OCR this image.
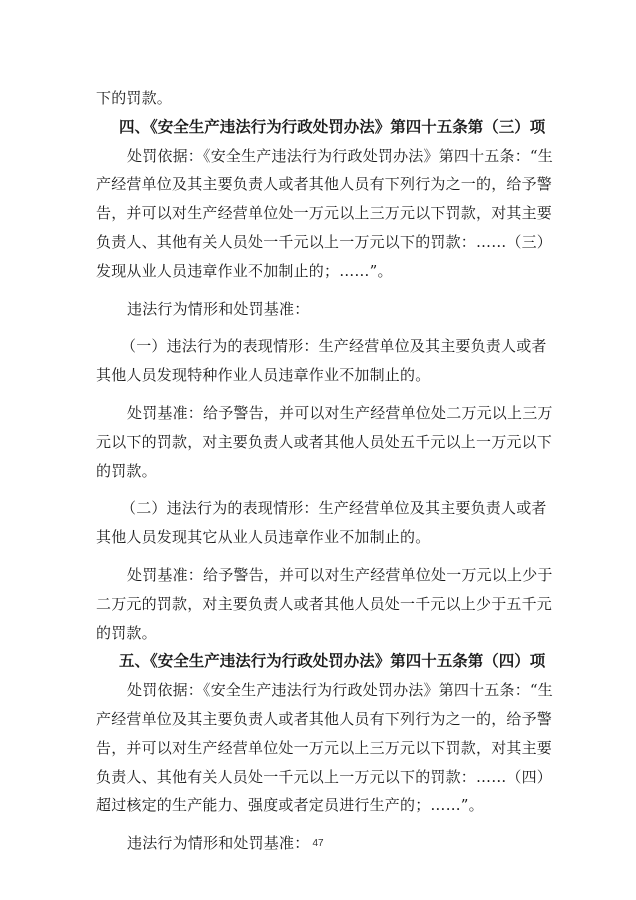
下的罚款。

四、《安全生产违法行为行政处罚办法》第四十五条第（三）项

处罚依据：《安全生产违法行为行政处罚办法》第四十五条：“生

产经营单位及其主要负责人或者其他人员有下列行为之一的，给予警

告，并可以对生产经营单位处一万元以上三万元以下罚款，对其主要

负责人、其他有关人员处一千元以上一万元以下的罚款：……（三）

发现从业人员违章作业不加制止的；……”。

违法行为情形和处罚基准：

（一）违法行为的表现情形：生产经营单位及其主要负责人或者

其他人员发现特种作业人员违章作业不加制止的。

处罚基准：给予警告，并可以对生产经营单位处二万元以上三万

元以下的罚款，对主要负责人或者其他人员处五千元以上一万元以下

的罚款。

（二）违法行为的表现情形：生产经营单位及其主要负责人或者

其他人员发现其它从业人员违章作业不加制止的。

处罚基准：给予警告，并可以对生产经营单位处一万元以上少于

二万元的罚款，对主要负责人或者其他人员处一千元以上少于五千元

的罚款。

五、《安全生产违法行为行政处罚办法》第四十五条第（四）项

处罚依据：《安全生产违法行为行政处罚办法》第四十五条：“生

产经营单位及其主要负责人或者其他人员有下列行为之一的，给予警

告，并可以对生产经营单位处一万元以上三万元以下罚款，对其主要

负责人、其他有关人员处一千元以上一万元以下的罚款：……（四）

超过核定的生产能力、强度或者定员进行生产的；……”。

违法行为情形和处罚基准： 47
